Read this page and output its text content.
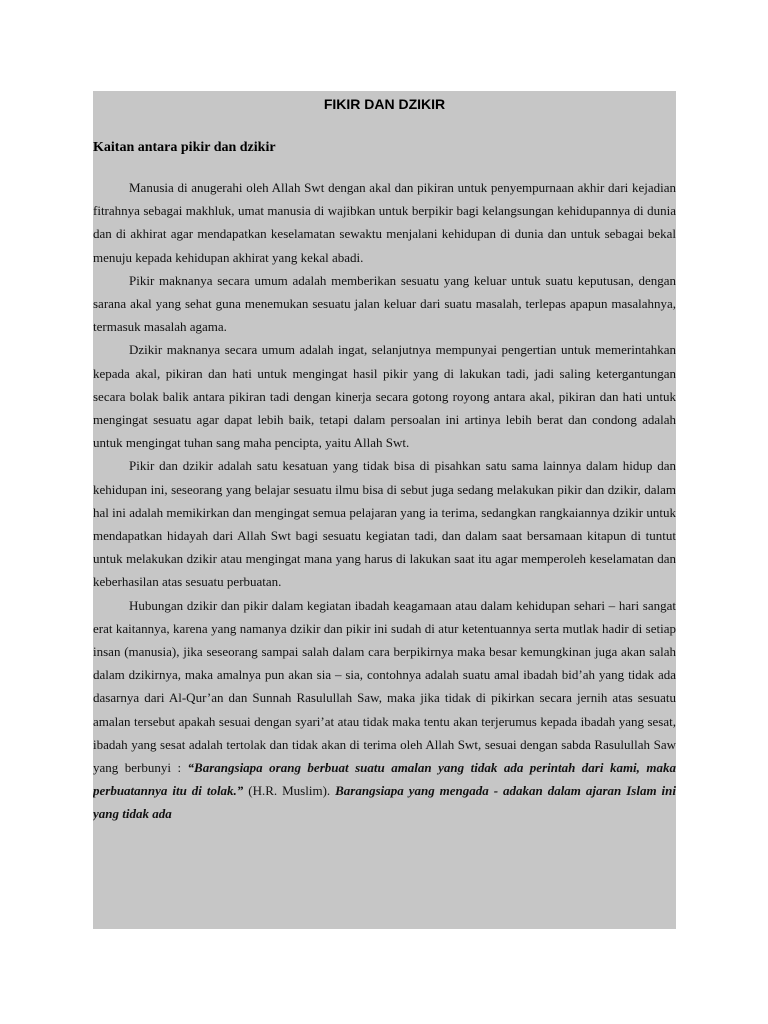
FIKIR DAN DZIKIR
Kaitan antara pikir dan dzikir

Manusia di anugerahi oleh Allah Swt dengan akal dan pikiran untuk penyempurnaan akhir dari kejadian fitrahnya sebagai makhluk, umat manusia di wajibkan untuk berpikir bagi kelangsungan kehidupannya di dunia dan di akhirat agar mendapatkan keselamatan sewaktu menjalani kehidupan di dunia dan untuk sebagai bekal menuju kepada kehidupan akhirat yang kekal abadi.

Pikir maknanya secara umum adalah memberikan sesuatu yang keluar untuk suatu keputusan, dengan sarana akal yang sehat guna menemukan sesuatu jalan keluar dari suatu masalah, terlepas apapun masalahnya, termasuk masalah agama.

Dzikir maknanya secara umum adalah ingat, selanjutnya mempunyai pengertian untuk memerintahkan kepada akal, pikiran dan hati untuk mengingat hasil pikir yang di lakukan tadi, jadi saling ketergantungan secara bolak balik antara pikiran tadi dengan kinerja secara gotong royong antara akal, pikiran dan hati untuk mengingat sesuatu agar dapat lebih baik, tetapi dalam persoalan ini artinya lebih berat dan condong adalah untuk mengingat tuhan sang maha pencipta, yaitu Allah Swt.

Pikir dan dzikir adalah satu kesatuan yang tidak bisa di pisahkan satu sama lainnya dalam hidup dan kehidupan ini, seseorang yang belajar sesuatu ilmu bisa di sebut juga sedang melakukan pikir dan dzikir, dalam hal ini adalah memikirkan dan mengingat semua pelajaran yang ia terima, sedangkan rangkaiannya dzikir untuk mendapatkan hidayah dari Allah Swt bagi sesuatu kegiatan tadi, dan dalam saat bersamaan kitapun di tuntut untuk melakukan dzikir atau mengingat mana yang harus di lakukan saat itu agar memperoleh keselamatan dan keberhasilan atas sesuatu perbuatan.

Hubungan dzikir dan pikir dalam kegiatan ibadah keagamaan atau dalam kehidupan sehari – hari sangat erat kaitannya, karena yang namanya dzikir dan pikir ini sudah di atur ketentuannya serta mutlak hadir di setiap insan (manusia), jika seseorang sampai salah dalam cara berpikirnya maka besar kemungkinan juga akan salah dalam dzikirnya, maka amalnya pun akan sia – sia, contohnya adalah suatu amal ibadah bid’ah yang tidak ada dasarnya dari Al-Qur’an dan Sunnah Rasulullah Saw, maka jika tidak di pikirkan secara jernih atas sesuatu amalan tersebut apakah sesuai dengan syari’at atau tidak maka tentu akan terjerumus kepada ibadah yang sesat, ibadah yang sesat adalah tertolak dan tidak akan di terima oleh Allah Swt, sesuai dengan sabda Rasulullah Saw yang berbunyi : “Barangsiapa orang berbuat suatu amalan yang tidak ada perintah dari kami, maka perbuatannya itu di tolak.” (H.R. Muslim). Barangsiapa yang mengada - adakan dalam ajaran Islam ini yang tidak ada
